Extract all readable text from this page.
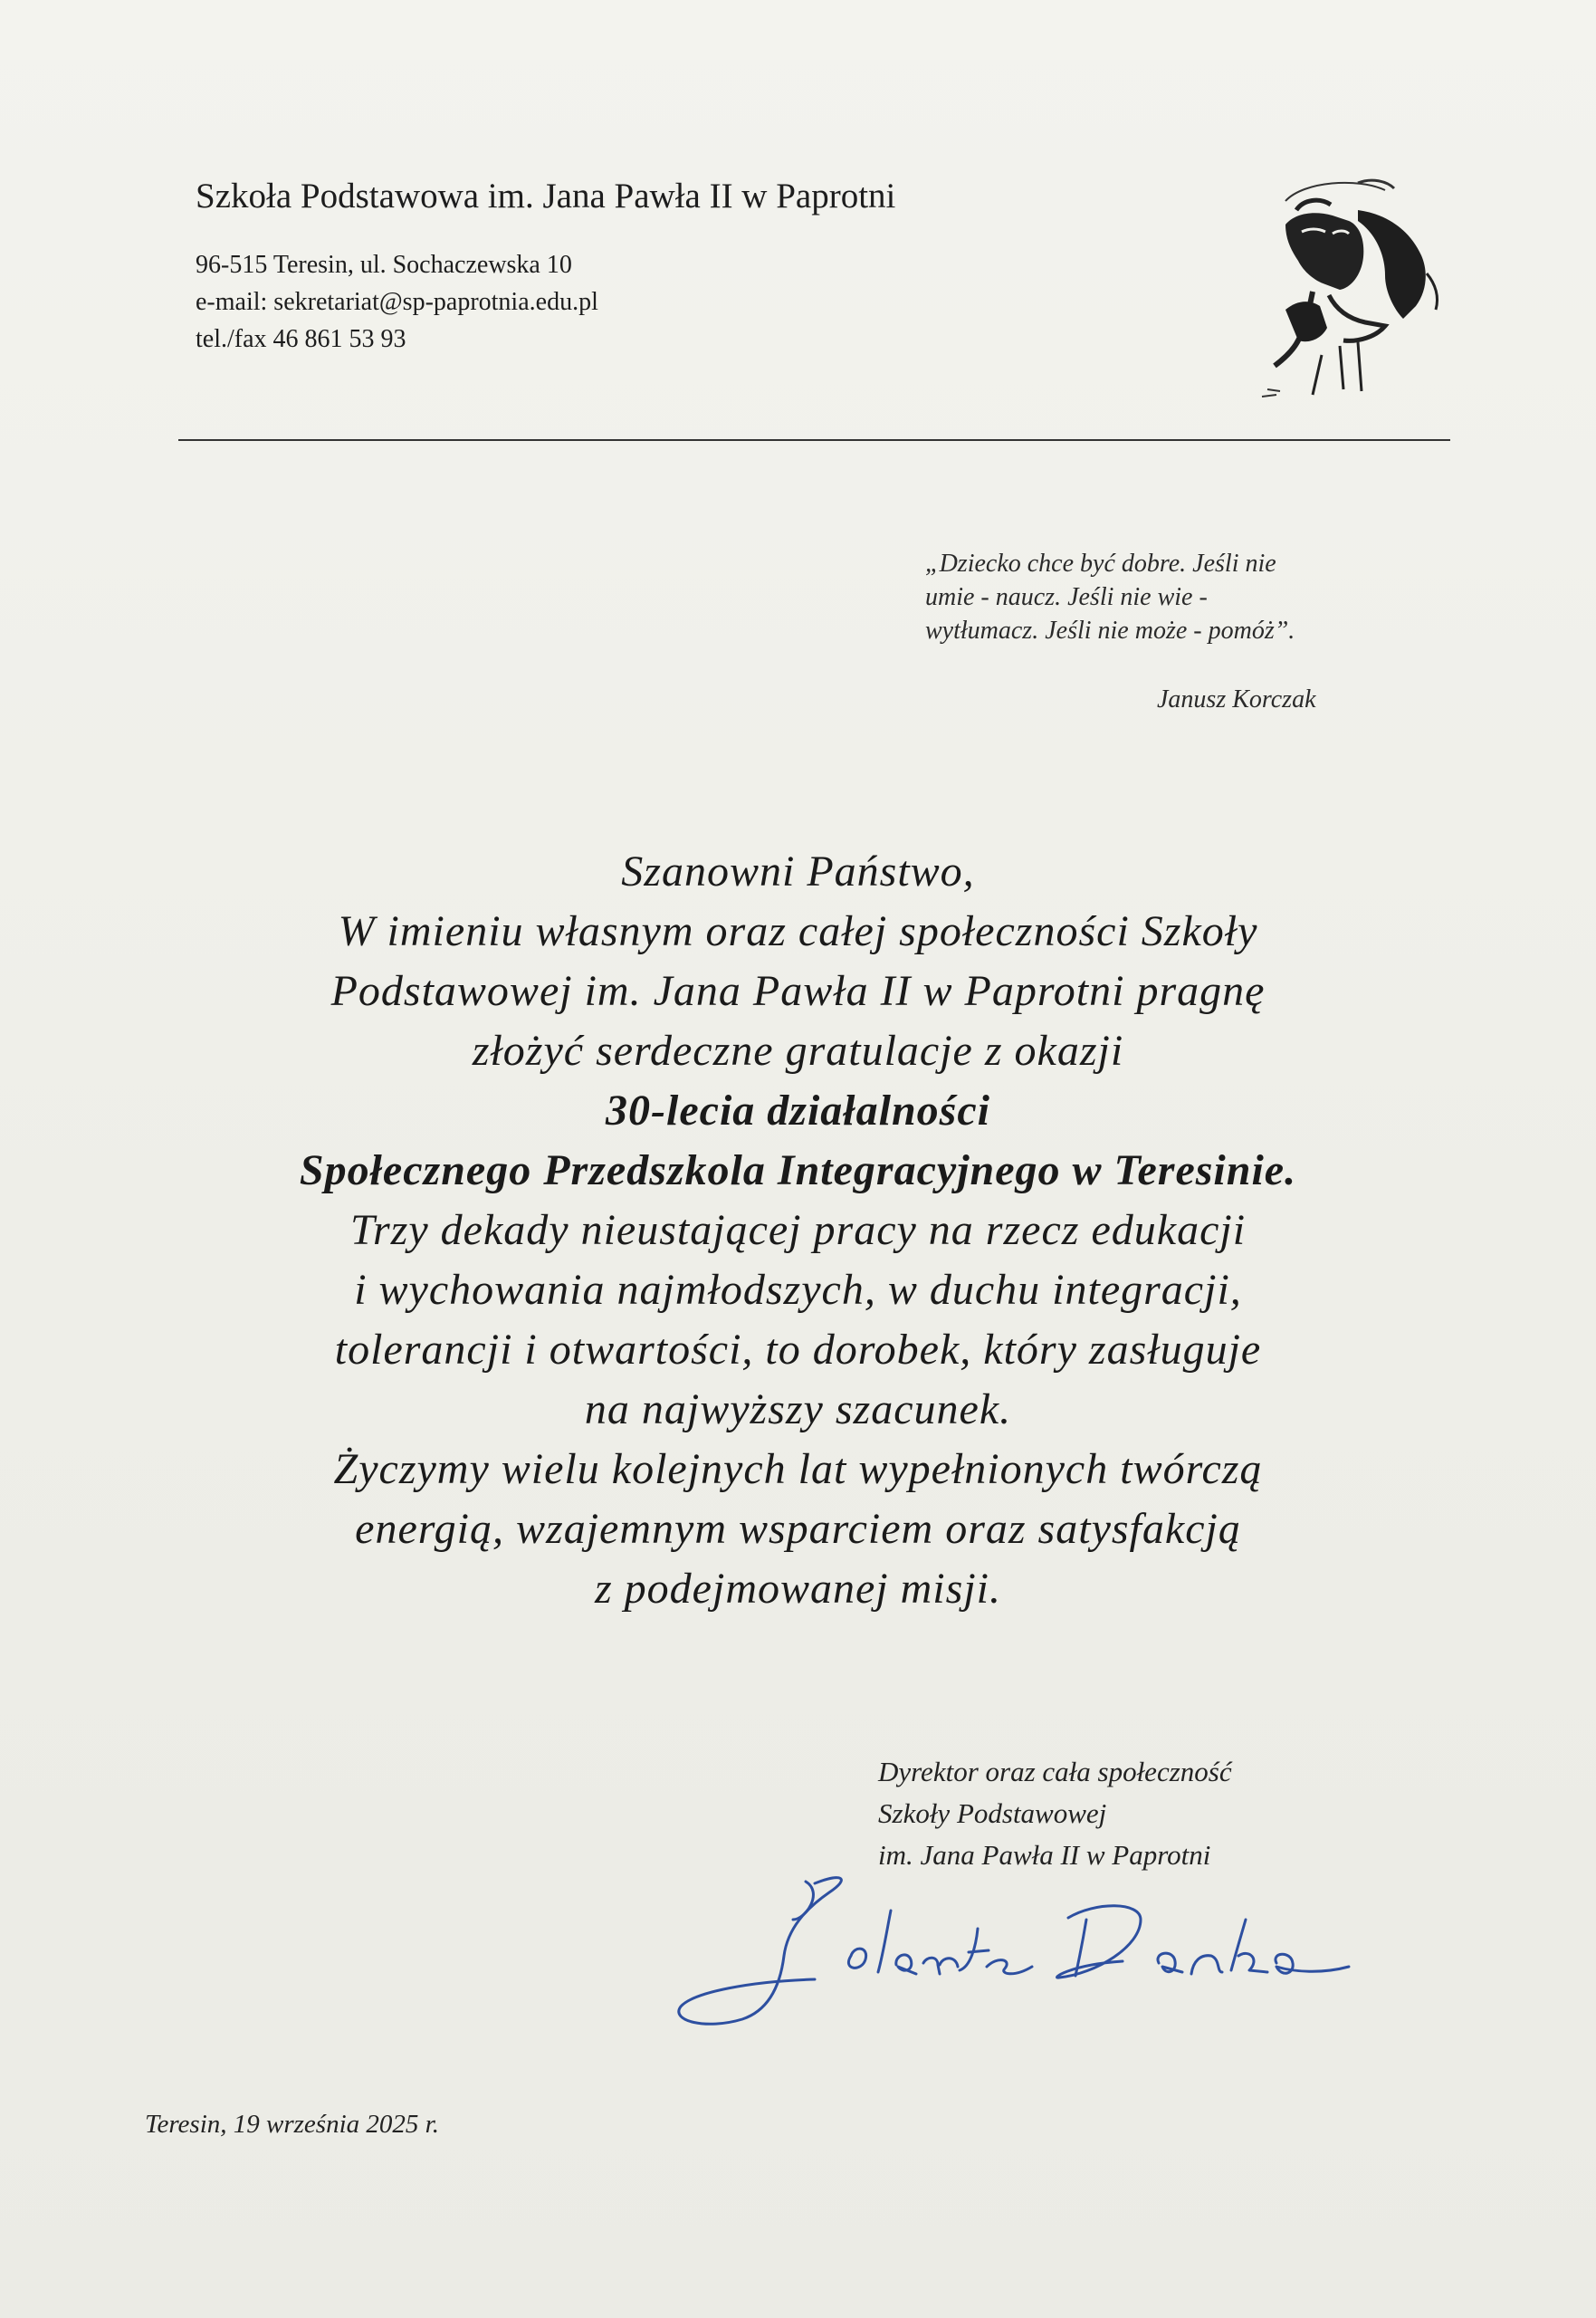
Szkoła Podstawowa im. Jana Pawła II w Paprotni
96-515 Teresin, ul. Sochaczewska 10
e-mail: sekretariat@sp-paprotnia.edu.pl
tel./fax 46 861 53 93
„Dziecko chce być dobre. Jeśli nie
umie - naucz. Jeśli nie wie -
wytłumacz. Jeśli nie może - pomóż”.
Janusz Korczak
Szanowni Państwo,
W imieniu własnym oraz całej społeczności Szkoły
Podstawowej im. Jana Pawła II w Paprotni pragnę
złożyć serdeczne gratulacje z okazji
30-lecia działalności
Społecznego Przedszkola Integracyjnego w Teresinie.
Trzy dekady nieustającej pracy na rzecz edukacji
i wychowania najmłodszych, w duchu integracji,
tolerancji i otwartości, to dorobek, który zasługuje
na najwyższy szacunek.
Życzymy wielu kolejnych lat wypełnionych twórczą
energią, wzajemnym wsparciem oraz satysfakcją
z podejmowanej misji.
Dyrektor oraz cała społeczność
Szkoły Podstawowej
im. Jana Pawła II w Paprotni
Teresin, 19 września 2025 r.
